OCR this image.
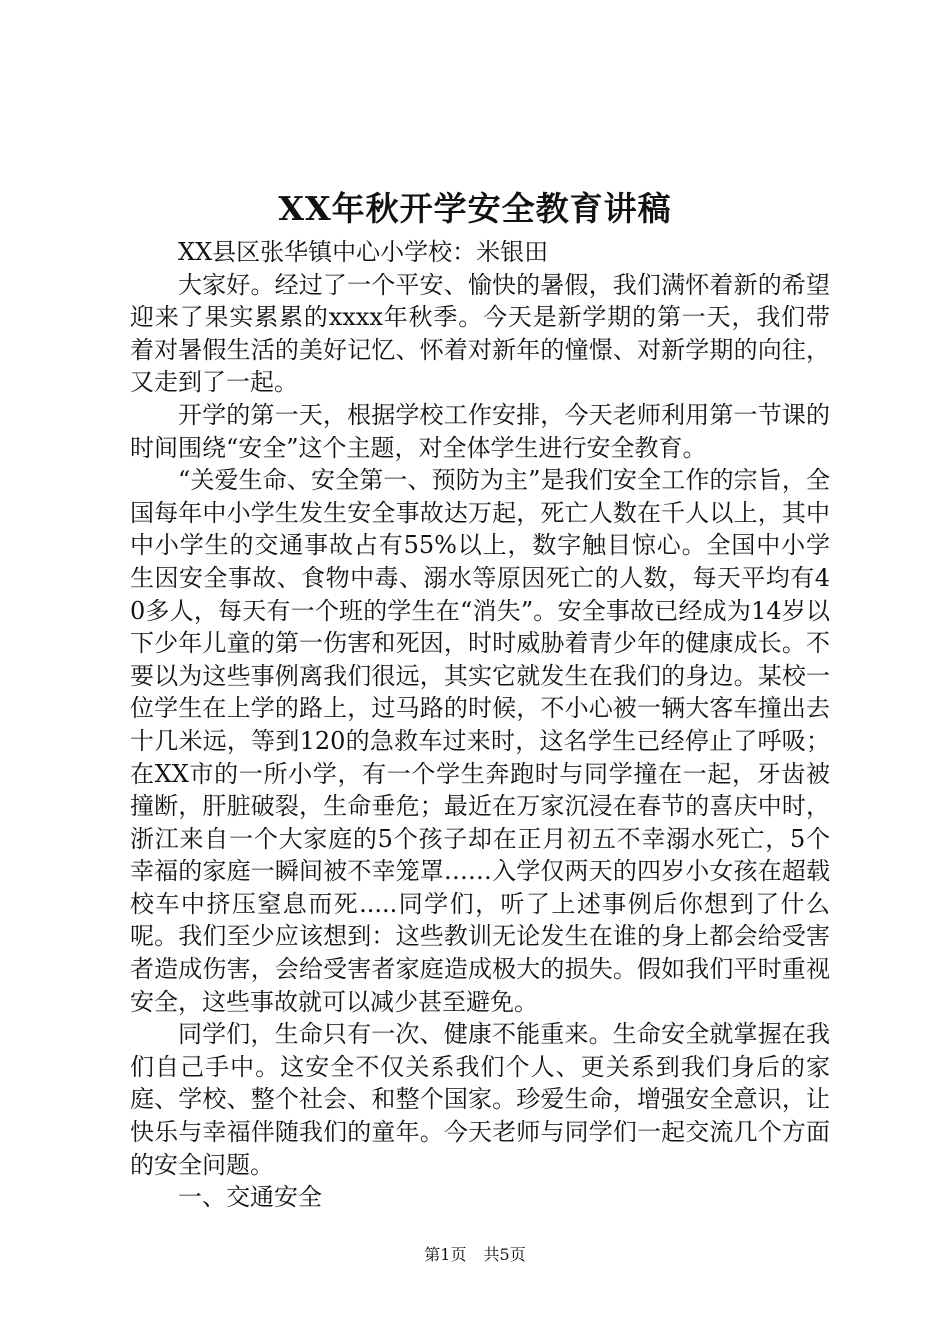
XX年秋开学安全教育讲稿

XX县区张华镇中心小学校：米银田

大家好。经过了一个平安、愉快的暑假，我们满怀着新的希望迎来了果实累累的xxxx年秋季。今天是新学期的第一天，我们带着对暑假生活的美好记忆、怀着对新年的憧憬、对新学期的向往，又走到了一起。

开学的第一天，根据学校工作安排，今天老师利用第一节课的时间围绕“安全”这个主题，对全体学生进行安全教育。

“关爱生命、安全第一、预防为主”是我们安全工作的宗旨，全国每年中小学生发生安全事故达万起，死亡人数在千人以上，其中中小学生的交通事故占有55%以上，数字触目惊心。全国中小学生因安全事故、食物中毒、溺水等原因死亡的人数，每天平均有40多人，每天有一个班的学生在“消失”。安全事故已经成为14岁以下少年儿童的第一伤害和死因，时时威胁着青少年的健康成长。不要以为这些事例离我们很远，其实它就发生在我们的身边。某校一位学生在上学的路上，过马路的时候，不小心被一辆大客车撞出去十几米远，等到120的急救车过来时，这名学生已经停止了呼吸；在XX市的一所小学，有一个学生奔跑时与同学撞在一起，牙齿被撞断，肝脏破裂，生命垂危；最近在万家沉浸在春节的喜庆中时，浙江来自一个大家庭的5个孩子却在正月初五不幸溺水死亡，5个幸福的家庭一瞬间被不幸笼罩……入学仅两天的四岁小女孩在超载校车中挤压窒息而死.....同学们，听了上述事例后你想到了什么呢。我们至少应该想到：这些教训无论发生在谁的身上都会给受害者造成伤害，会给受害者家庭造成极大的损失。假如我们平时重视安全，这些事故就可以减少甚至避免。

同学们，生命只有一次、健康不能重来。生命安全就掌握在我们自己手中。这安全不仅关系我们个人、更关系到我们身后的家庭、学校、整个社会、和整个国家。珍爱生命，增强安全意识，让快乐与幸福伴随我们的童年。今天老师与同学们一起交流几个方面的安全问题。

一、交通安全

第1页 共5页
